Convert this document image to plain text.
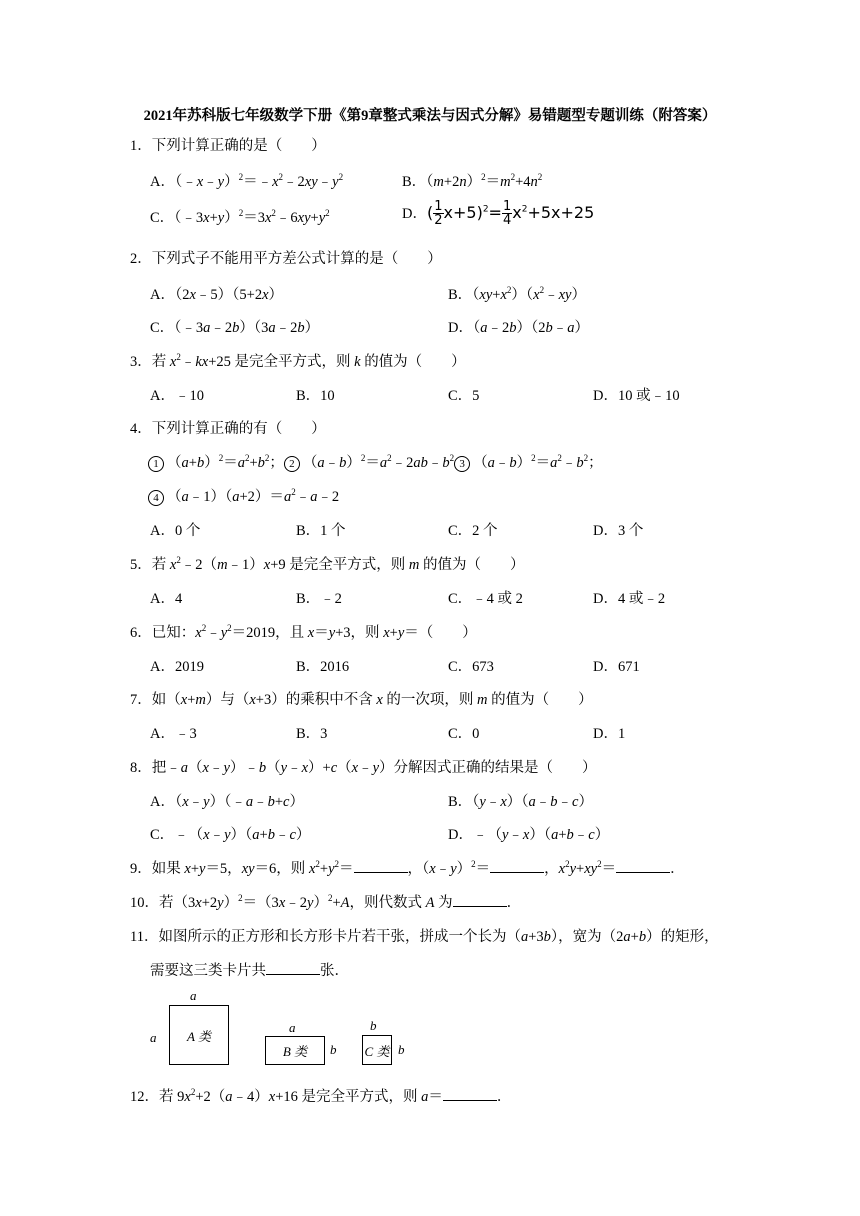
2021年苏科版七年级数学下册《第9章整式乘法与因式分解》易错题型专题训练（附答案）
1．下列计算正确的是（　　）
A．$(﹣x﹣y)^2=﹣x^2﹣2xy﹣y^2$	B．$(m+2n)^2=m^2+4n^2$
C．$(﹣3x+y)^2=3x^2﹣6xy+y^2$	D．( $\frac{1}{2} x+5)^2= \frac{1}{4} x^2+5x+25$
2．下列式子不能用平方差公式计算的是（　　）
A．（2x﹣5）（5+2x）	B．$(xy+x^2)(x^2﹣xy)$
C．（﹣3a﹣2b）（3a﹣2b）	D．（a﹣2b）（2b﹣a）
3．若 $x^2﹣kx+25$ 是完全平方式，则 k 的值为（　　）
A．﹣10	B．10	C．5	D．10 或﹣10
4．下列计算正确的有（　　）
1 $(a+b)^2=a^2+b^2$； 2 $(a﹣b)^2=a^2﹣2ab﹣b^2$ 3 $(a﹣b)^2=a^2﹣b^2$；
4 $(a﹣1)(a+2)=a^2﹣a﹣2$
A．0 个	B．1 个	C．2 个	D．3 个
5．若 $x^2﹣2(m﹣1)x+9$ 是完全平方式，则 m 的值为（　　）
A．4	B．﹣2	C．﹣4 或 2	D．4 或﹣2
6．已知：$x^2﹣y^2=2019$，且 x＝y+3，则 x+y＝（　　）
A．2019	B．2016	C．673	D．671
7．如（x+m）与（x+3）的乘积中不含 x 的一次项，则 m 的值为（　　）
A．﹣3	B．3	C．0	D．1
8．把﹣a（x﹣y）﹣b（y﹣x）+c（x﹣y）分解因式正确的结果是（　　）
A．（x﹣y）（﹣a﹣b+c）	B．（y﹣x）（a﹣b﹣c）
C．﹣（x﹣y）（a+b﹣c）	D．﹣（y﹣x）（a+b﹣c）
9．如果 x+y＝5，xy＝6，则 $x^2+y^2=$	，（x﹣y）$^2$＝	，$x^2y+xy^2=$	．
10．若$(3x+2y)^2=(3x﹣2y)^2+A$，则代数式 A 为	．
11．如图所示的正方形和长方形卡片若干张，拼成一个长为（a+3b），宽为（2a+b）的矩形，
需要这三类卡片共	张．
a
a	A 类
a
b
B 类
b
b
C 类
12．若 $9x^2+2(a﹣4)x+16$ 是完全平方式，则 a＝	．
